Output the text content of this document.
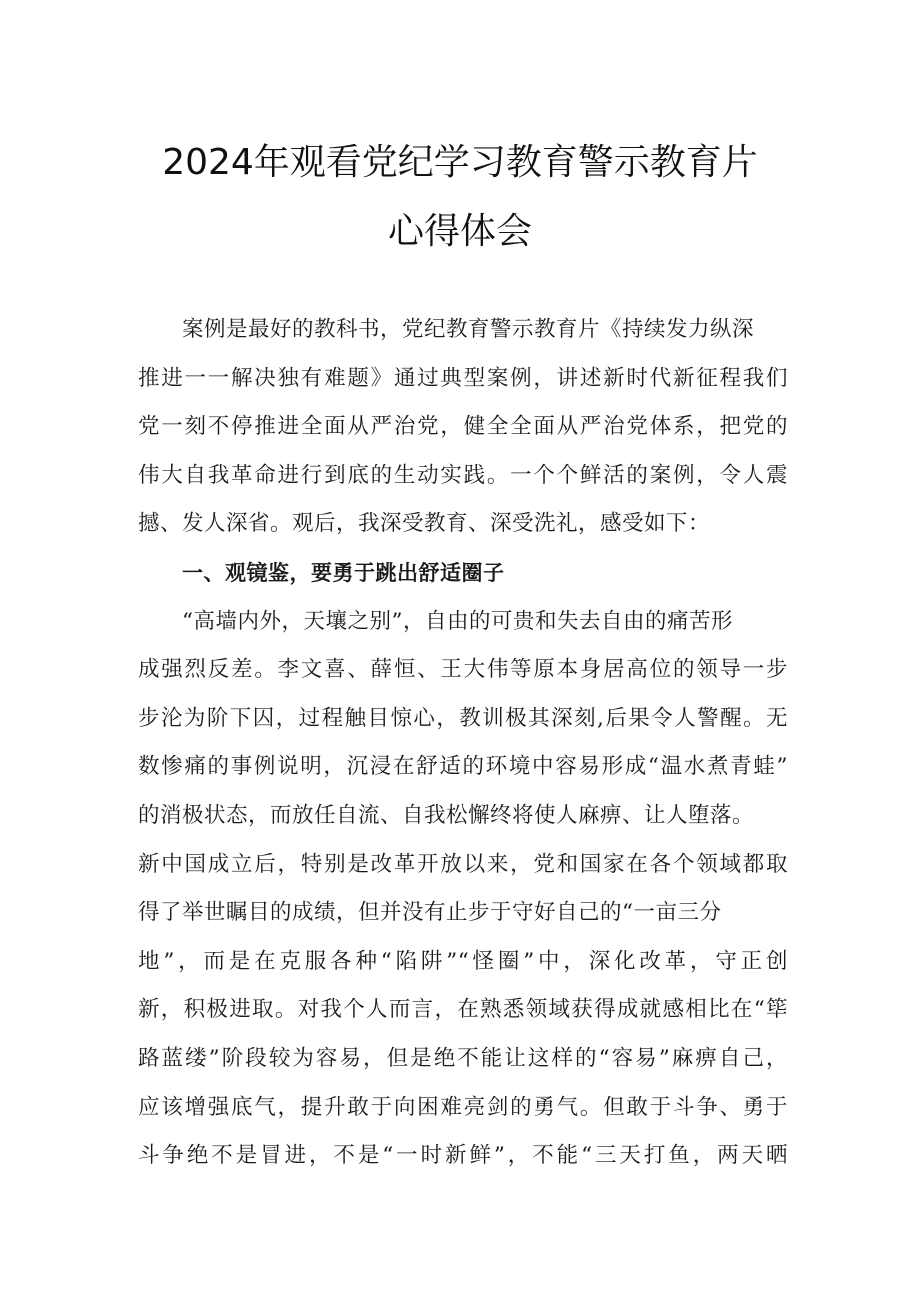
2024年观看党纪学习教育警示教育片
心得体会
案例是最好的教科书，党纪教育警示教育片《持续发力纵深
推进一一解决独有难题》通过典型案例，讲述新时代新征程我们
党一刻不停推进全面从严治党，健全全面从严治党体系，把党的
伟大自我革命进行到底的生动实践。一个个鲜活的案例，令人震
撼、发人深省。观后，我深受教育、深受洗礼，感受如下：
一、观镜鉴，要勇于跳出舒适圈子
“高墙内外，天壤之别”，自由的可贵和失去自由的痛苦形
成强烈反差。李文喜、薛恒、王大伟等原本身居高位的领导一步
步沦为阶下囚，过程触目惊心，教训极其深刻,后果令人警醒。无
数惨痛的事例说明，沉浸在舒适的环境中容易形成“温水煮青蛙”
的消极状态，而放任自流、自我松懈终将使人麻痹、让人堕落。
新中国成立后，特别是改革开放以来，党和国家在各个领域都取
得了举世瞩目的成绩，但并没有止步于守好自己的“一亩三分
地”，而是在克服各种“陷阱”“怪圈”中，深化改革，守正创
新，积极进取。对我个人而言，在熟悉领域获得成就感相比在“筚
路蓝缕”阶段较为容易，但是绝不能让这样的“容易”麻痹自己，
应该增强底气，提升敢于向困难亮剑的勇气。但敢于斗争、勇于
斗争绝不是冒进，不是“一时新鲜”，不能“三天打鱼，两天晒
